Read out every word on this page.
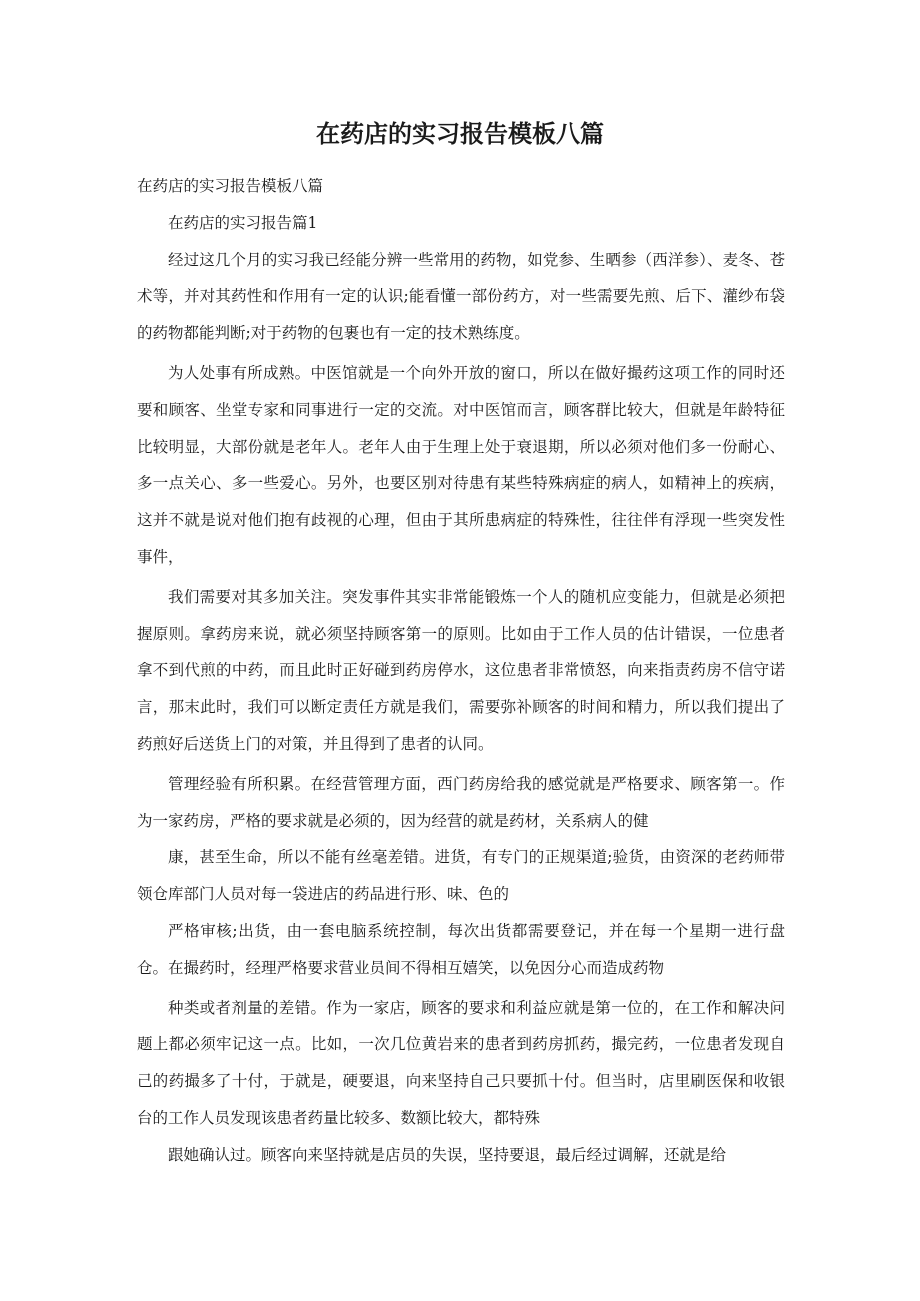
在药店的实习报告模板八篇

在药店的实习报告模板八篇

在药店的实习报告篇1

经过这几个月的实习我已经能分辨一些常用的药物，如党参、生晒参（西洋参）、麦冬、苍术等，并对其药性和作用有一定的认识;能看懂一部份药方，对一些需要先煎、后下、灌纱布袋的药物都能判断;对于药物的包裹也有一定的技术熟练度。

为人处事有所成熟。中医馆就是一个向外开放的窗口，所以在做好撮药这项工作的同时还要和顾客、坐堂专家和同事进行一定的交流。对中医馆而言，顾客群比较大，但就是年龄特征比较明显，大部份就是老年人。老年人由于生理上处于衰退期，所以必须对他们多一份耐心、多一点关心、多一些爱心。另外，也要区别对待患有某些特殊病症的病人，如精神上的疾病，这并不就是说对他们抱有歧视的心理，但由于其所患病症的特殊性，往往伴有浮现一些突发性事件，

我们需要对其多加关注。突发事件其实非常能锻炼一个人的随机应变能力，但就是必须把握原则。拿药房来说，就必须坚持顾客第一的原则。比如由于工作人员的估计错误，一位患者拿不到代煎的中药，而且此时正好碰到药房停水，这位患者非常愤怒，向来指责药房不信守诺言，那末此时，我们可以断定责任方就是我们，需要弥补顾客的时间和精力，所以我们提出了药煎好后送货上门的对策，并且得到了患者的认同。

管理经验有所积累。在经营管理方面，西门药房给我的感觉就是严格要求、顾客第一。作为一家药房，严格的要求就是必须的，因为经营的就是药材，关系病人的健

康，甚至生命，所以不能有丝毫差错。进货，有专门的正规渠道;验货，由资深的老药师带领仓库部门人员对每一袋进店的药品进行形、味、色的

严格审核;出货，由一套电脑系统控制，每次出货都需要登记，并在每一个星期一进行盘仓。在撮药时，经理严格要求营业员间不得相互嬉笑，以免因分心而造成药物

种类或者剂量的差错。作为一家店，顾客的要求和利益应就是第一位的，在工作和解决问题上都必须牢记这一点。比如，一次几位黄岩来的患者到药房抓药，撮完药，一位患者发现自己的药撮多了十付，于就是，硬要退，向来坚持自己只要抓十付。但当时，店里刷医保和收银台的工作人员发现该患者药量比较多、数额比较大，都特殊

跟她确认过。顾客向来坚持就是店员的失误，坚持要退，最后经过调解，还就是给
